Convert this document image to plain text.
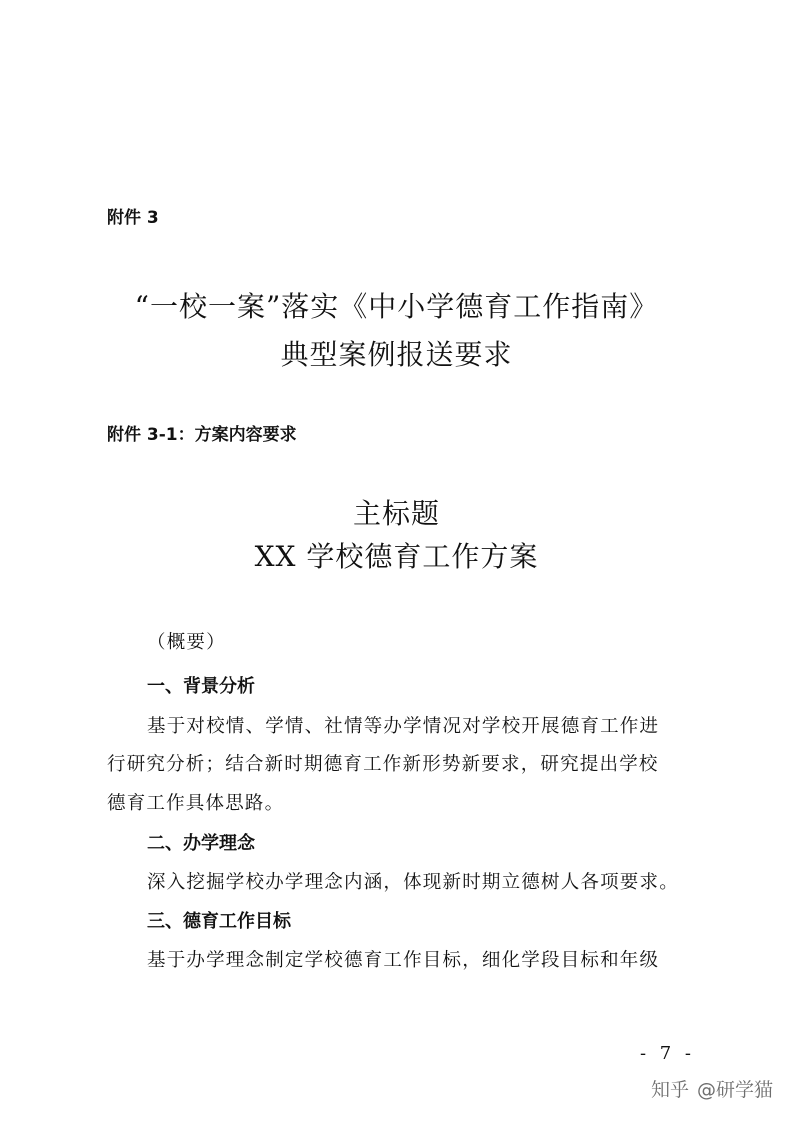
附件 3

“一校一案”落实《中小学德育工作指南》

典型案例报送要求

附件 3-1：方案内容要求

主标题

XX 学校德育工作方案

（概要）

一、背景分析

基于对校情、学情、社情等办学情况对学校开展德育工作进

行研究分析；结合新时期德育工作新形势新要求，研究提出学校

德育工作具体思路。

二、办学理念

深入挖掘学校办学理念内涵，体现新时期立德树人各项要求。

三、德育工作目标

基于办学理念制定学校德育工作目标，细化学段目标和年级

- 7 -

知乎 @研学猫
